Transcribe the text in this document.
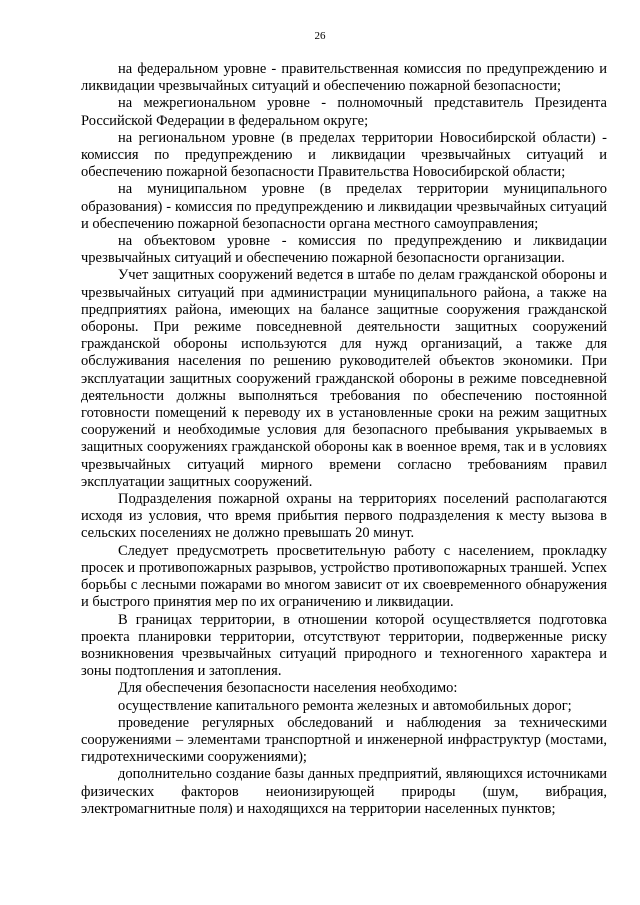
26

на федеральном уровне - правительственная комиссия по предупреждению и ликвидации чрезвычайных ситуаций и обеспечению пожарной безопасности;

на межрегиональном уровне - полномочный представитель Президента Российской Федерации в федеральном округе;

на региональном уровне (в пределах территории Новосибирской области) - комиссия по предупреждению и ликвидации чрезвычайных ситуаций и обеспечению пожарной безопасности Правительства Новосибирской области;

на муниципальном уровне (в пределах территории муниципального образования) - комиссия по предупреждению и ликвидации чрезвычайных ситуаций и обеспечению пожарной безопасности органа местного самоуправления;

на объектовом уровне - комиссия по предупреждению и ликвидации чрезвычайных ситуаций и обеспечению пожарной безопасности организации.

Учет защитных сооружений ведется в штабе по делам гражданской обороны и чрезвычайных ситуаций при администрации муниципального района, а также на предприятиях района, имеющих на балансе защитные сооружения гражданской обороны. При режиме повседневной деятельности защитных сооружений гражданской обороны используются для нужд организаций, а также для обслуживания населения по решению руководителей объектов экономики. При эксплуатации защитных сооружений гражданской обороны в режиме повседневной деятельности должны выполняться требования по обеспечению постоянной готовности помещений к переводу их в установленные сроки на режим защитных сооружений и необходимые условия для безопасного пребывания укрываемых в защитных сооружениях гражданской обороны как в военное время, так и в условиях чрезвычайных ситуаций мирного времени согласно требованиям правил эксплуатации защитных сооружений.

Подразделения пожарной охраны на территориях поселений располагаются исходя из условия, что время прибытия первого подразделения к месту вызова в сельских поселениях не должно превышать 20 минут.

Следует предусмотреть просветительную работу с населением, прокладку просек и противопожарных разрывов, устройство противопожарных траншей. Успех борьбы с лесными пожарами во многом зависит от их своевременного обнаружения и быстрого принятия мер по их ограничению и ликвидации.

В границах территории, в отношении которой осуществляется подготовка проекта планировки территории, отсутствуют территории, подверженные риску возникновения чрезвычайных ситуаций природного и техногенного характера и зоны подтопления и затопления.

Для обеспечения безопасности населения необходимо:

осуществление капитального ремонта железных и автомобильных дорог;

проведение регулярных обследований и наблюдения за техническими сооружениями – элементами транспортной и инженерной инфраструктур (мостами, гидротехническими сооружениями);

дополнительно создание базы данных предприятий, являющихся источниками физических факторов неионизирующей природы (шум, вибрация, электромагнитные поля) и находящихся на территории населенных пунктов;
